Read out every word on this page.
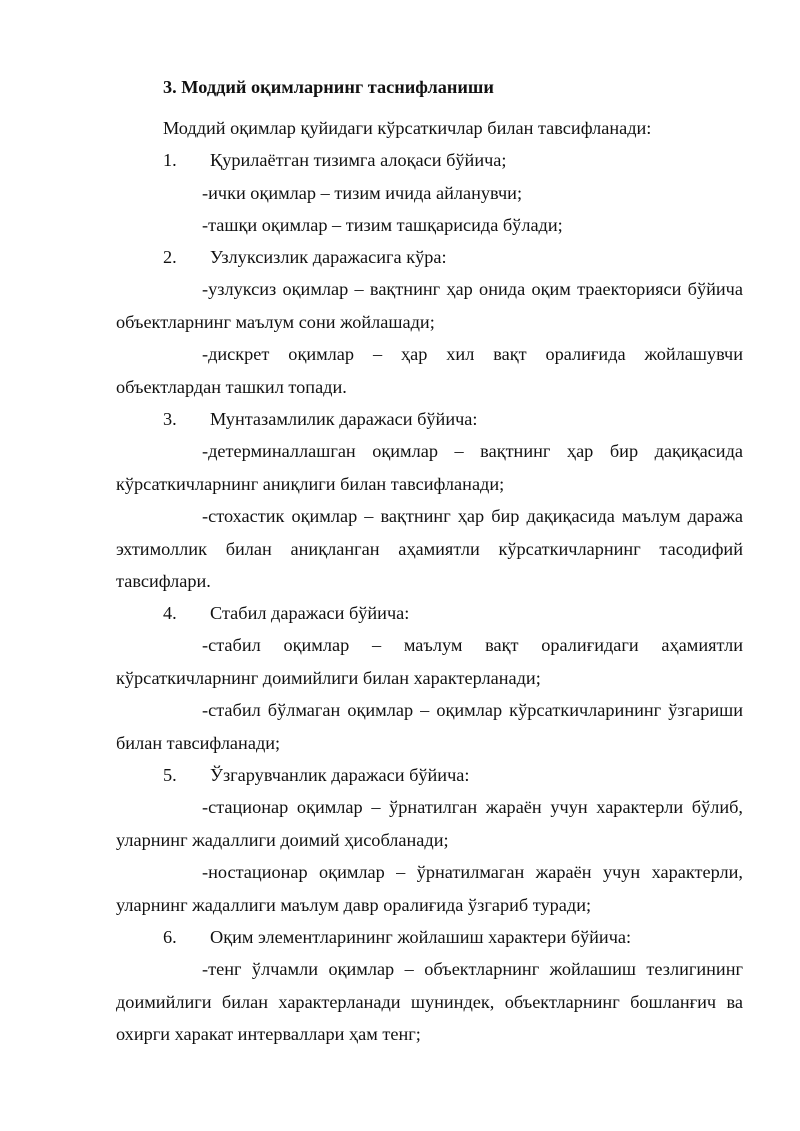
3. Моддий оқимларнинг таснифланиши
Моддий оқимлар қуйидаги кўрсаткичлар билан тавсифланади:
1. Қурилаётган тизимга алоқаси бўйича;
-ички оқимлар – тизим ичида айланувчи;
-ташқи оқимлар – тизим ташқарисида бўлади;
2. Узлуксизлик даражасига кўра:

-узлуксиз оқимлар – вақтнинг ҳар онида оқим траекторияси бўйича объектларнинг маълум сони жойлашади;

-дискрет оқимлар – ҳар хил вақт оралиғида жойлашувчи объектлардан ташкил топади.

3. Мунтазамлилик даражаси бўйича:

-детерминаллашган оқимлар – вақтнинг ҳар бир дақиқасида кўрсаткичларнинг аниқлиги билан тавсифланади;

-стохастик оқимлар – вақтнинг ҳар бир дақиқасида маълум даража эхтимоллик билан аниқланган аҳамиятли кўрсаткичларнинг тасодифий тавсифлари.

4. Стабил даражаси бўйича:

-стабил оқимлар – маълум вақт оралиғидаги аҳамиятли кўрсаткичларнинг доимийлиги билан характерланади;

-стабил бўлмаган оқимлар – оқимлар кўрсаткичларининг ўзгариши билан тавсифланади;

5. Ўзгарувчанлик даражаси бўйича:

-стационар оқимлар – ўрнатилган жараён учун характерли бўлиб, уларнинг жадаллиги доимий ҳисобланади;

-ностационар оқимлар – ўрнатилмаган жараён учун характерли, уларнинг жадаллиги маълум давр оралиғида ўзгариб туради;

6. Оқим элементларининг жойлашиш характери бўйича:

-тенг ўлчамли оқимлар – объектларнинг жойлашиш тезлигининг доимийлиги билан характерланади шуниндек, объектларнинг бошланғич ва охирги харакат интерваллари ҳам тенг;
